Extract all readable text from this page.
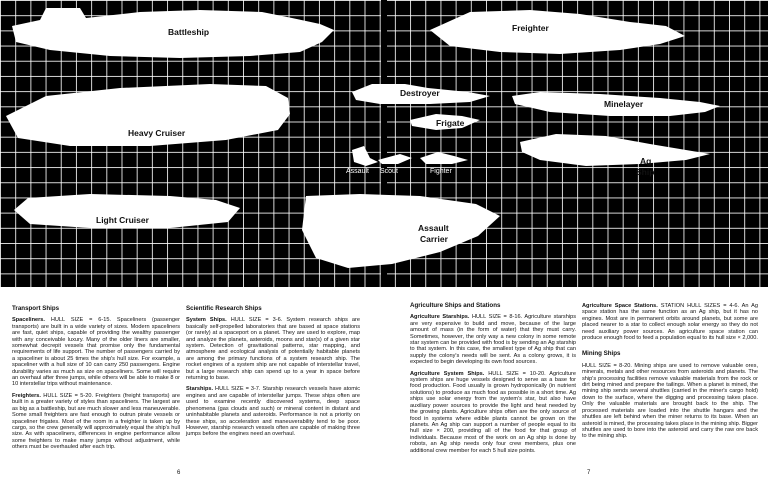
Battleship	Freighter
Destroyer
Minelayer
Frigate
Heavy Cruiser
Ag
Ship
Assault Scout	Fighter
Light Cruiser
Assault
Carrier
Transport Ships

Spaceliners. HULL SIZE = 6-15. Spaceliners (passenger transports) are built in a wide variety of sizes. Modern spaceliners are fast, quiet ships, capable of providing the wealthy passenger with any conceivable luxury. Many of the older liners are smaller, somewhat decrepit vessels that promise only the fundamental requirements of life support. The number of passengers carried by a spaceliner is about 25 times the ship's hull size. For example, a spaceliner with a hull size of 10 can carry 250 passengers. Engine durability varies as much as size on spaceliners. Some will require an overhaul after three jumps, while others will be able to make 8 or 10 interstellar trips without maintenance.

Freighters. HULL SIZE = 5-20. Freighters (freight transports) are built in a greater variety of styles than spaceliners. The largest are as big as a battleship, but are much slower and less maneuverable. Some small freighters are fast enough to outrun pirate vessels or spaceliner frigates. Most of the room in a freighter is taken up by cargo, so the crew generally will approximately equal the ship's hull size. As with spaceliners, differences in engine performance allow some freighters to make many jumps without adjustment, while others must be overhauled after each trip.

Scientific Research Ships

System Ships. HULL SIZE = 3-6. System research ships are basically self-propelled laboratories that are based at space stations (or rarely) at a spaceport on a planet. They are used to explore, map and analyze the planets, asteroids, moons and star(s) of a given star system. Detection of gravitational patterns, star mapping, and atmosphere and ecological analysis of potentially habitable planets are among the primary functions of a system research ship. The rocket engines of a system ship are not capable of interstellar travel, but a large research ship can spend up to a year in space before returning to base.

Starships. HULL SIZE = 3-7. Starship research vessels have atomic engines and are capable of interstellar jumps. These ships often are used to examine recently discovered systems, deep space phenomena (gas clouds and such) or mineral content in distant and uninhabitable planets and asteroids. Performance is not a priority on these ships, so acceleration and maneuverability tend to be poor. However, starship research vessels often are capable of making three jumps before the engines need an overhaul.

Agriculture Ships and Stations

Agriculture Starships. HULL SIZE = 8-16. Agriculture starships are very expensive to build and move, because of the large amount of mass (in the form of water) that they must carry. Sometimes, however, the only way a new colony in some remote star system can be provided with food is by sending an Ag starship to that system. In this case, the smallest type of Ag ship that can supply the colony's needs will be sent. As a colony grows, it is expected to begin developing its own food sources.

Agriculture System Ships. HULL SIZE = 10-20. Agriculture system ships are huge vessels designed to serve as a base for food production. Food usually is grown hydroponically (in nutrient solutions) to produce as much food as possible in a short time. Ag ships use solar energy from the system's star, but also have auxiliary power sources to provide the light and heat needed by the growing plants. Agriculture ships often are the only source of food in systems where edible plants cannot be grown on the planets. An Ag ship can support a number of people equal to its hull size × 200, providing all of the food for that group of individuals. Because most of the work on an Ag ship is done by robots, an Ag ship needs only four crew members, plus one additional crew member for each 5 hull size points.

Agriculture Space Stations. STATION HULL SIZES = 4-6. An Ag space station has the same function as an Ag ship, but it has no engines. Most are in permanent orbits around planets, but some are placed nearer to a star to collect enough solar energy so they do not need auxiliary power sources. An agriculture space station can produce enough food to feed a population equal to its hull size × 2,000.

Mining Ships

HULL SIZE = 8-20. Mining ships are used to remove valuable ores, minerals, metals and other resources from asteroids and planets. The ship's processing facilities remove valuable materials from the rock or dirt being mined and prepare the tailings. When a planet is mined, the mining ship sends several shuttles (carried in the miner's cargo hold) down to the surface, where the digging and processing takes place. Only the valuable materials are brought back to the ship. The processed materials are loaded into the shuttle hangars and the shuttles are left behind when the miner returns to its base. When an asteroid is mined, the processing takes place in the mining ship. Bigger shuttles are used to bore into the asteroid and carry the raw ore back to the mining ship.

6	7
